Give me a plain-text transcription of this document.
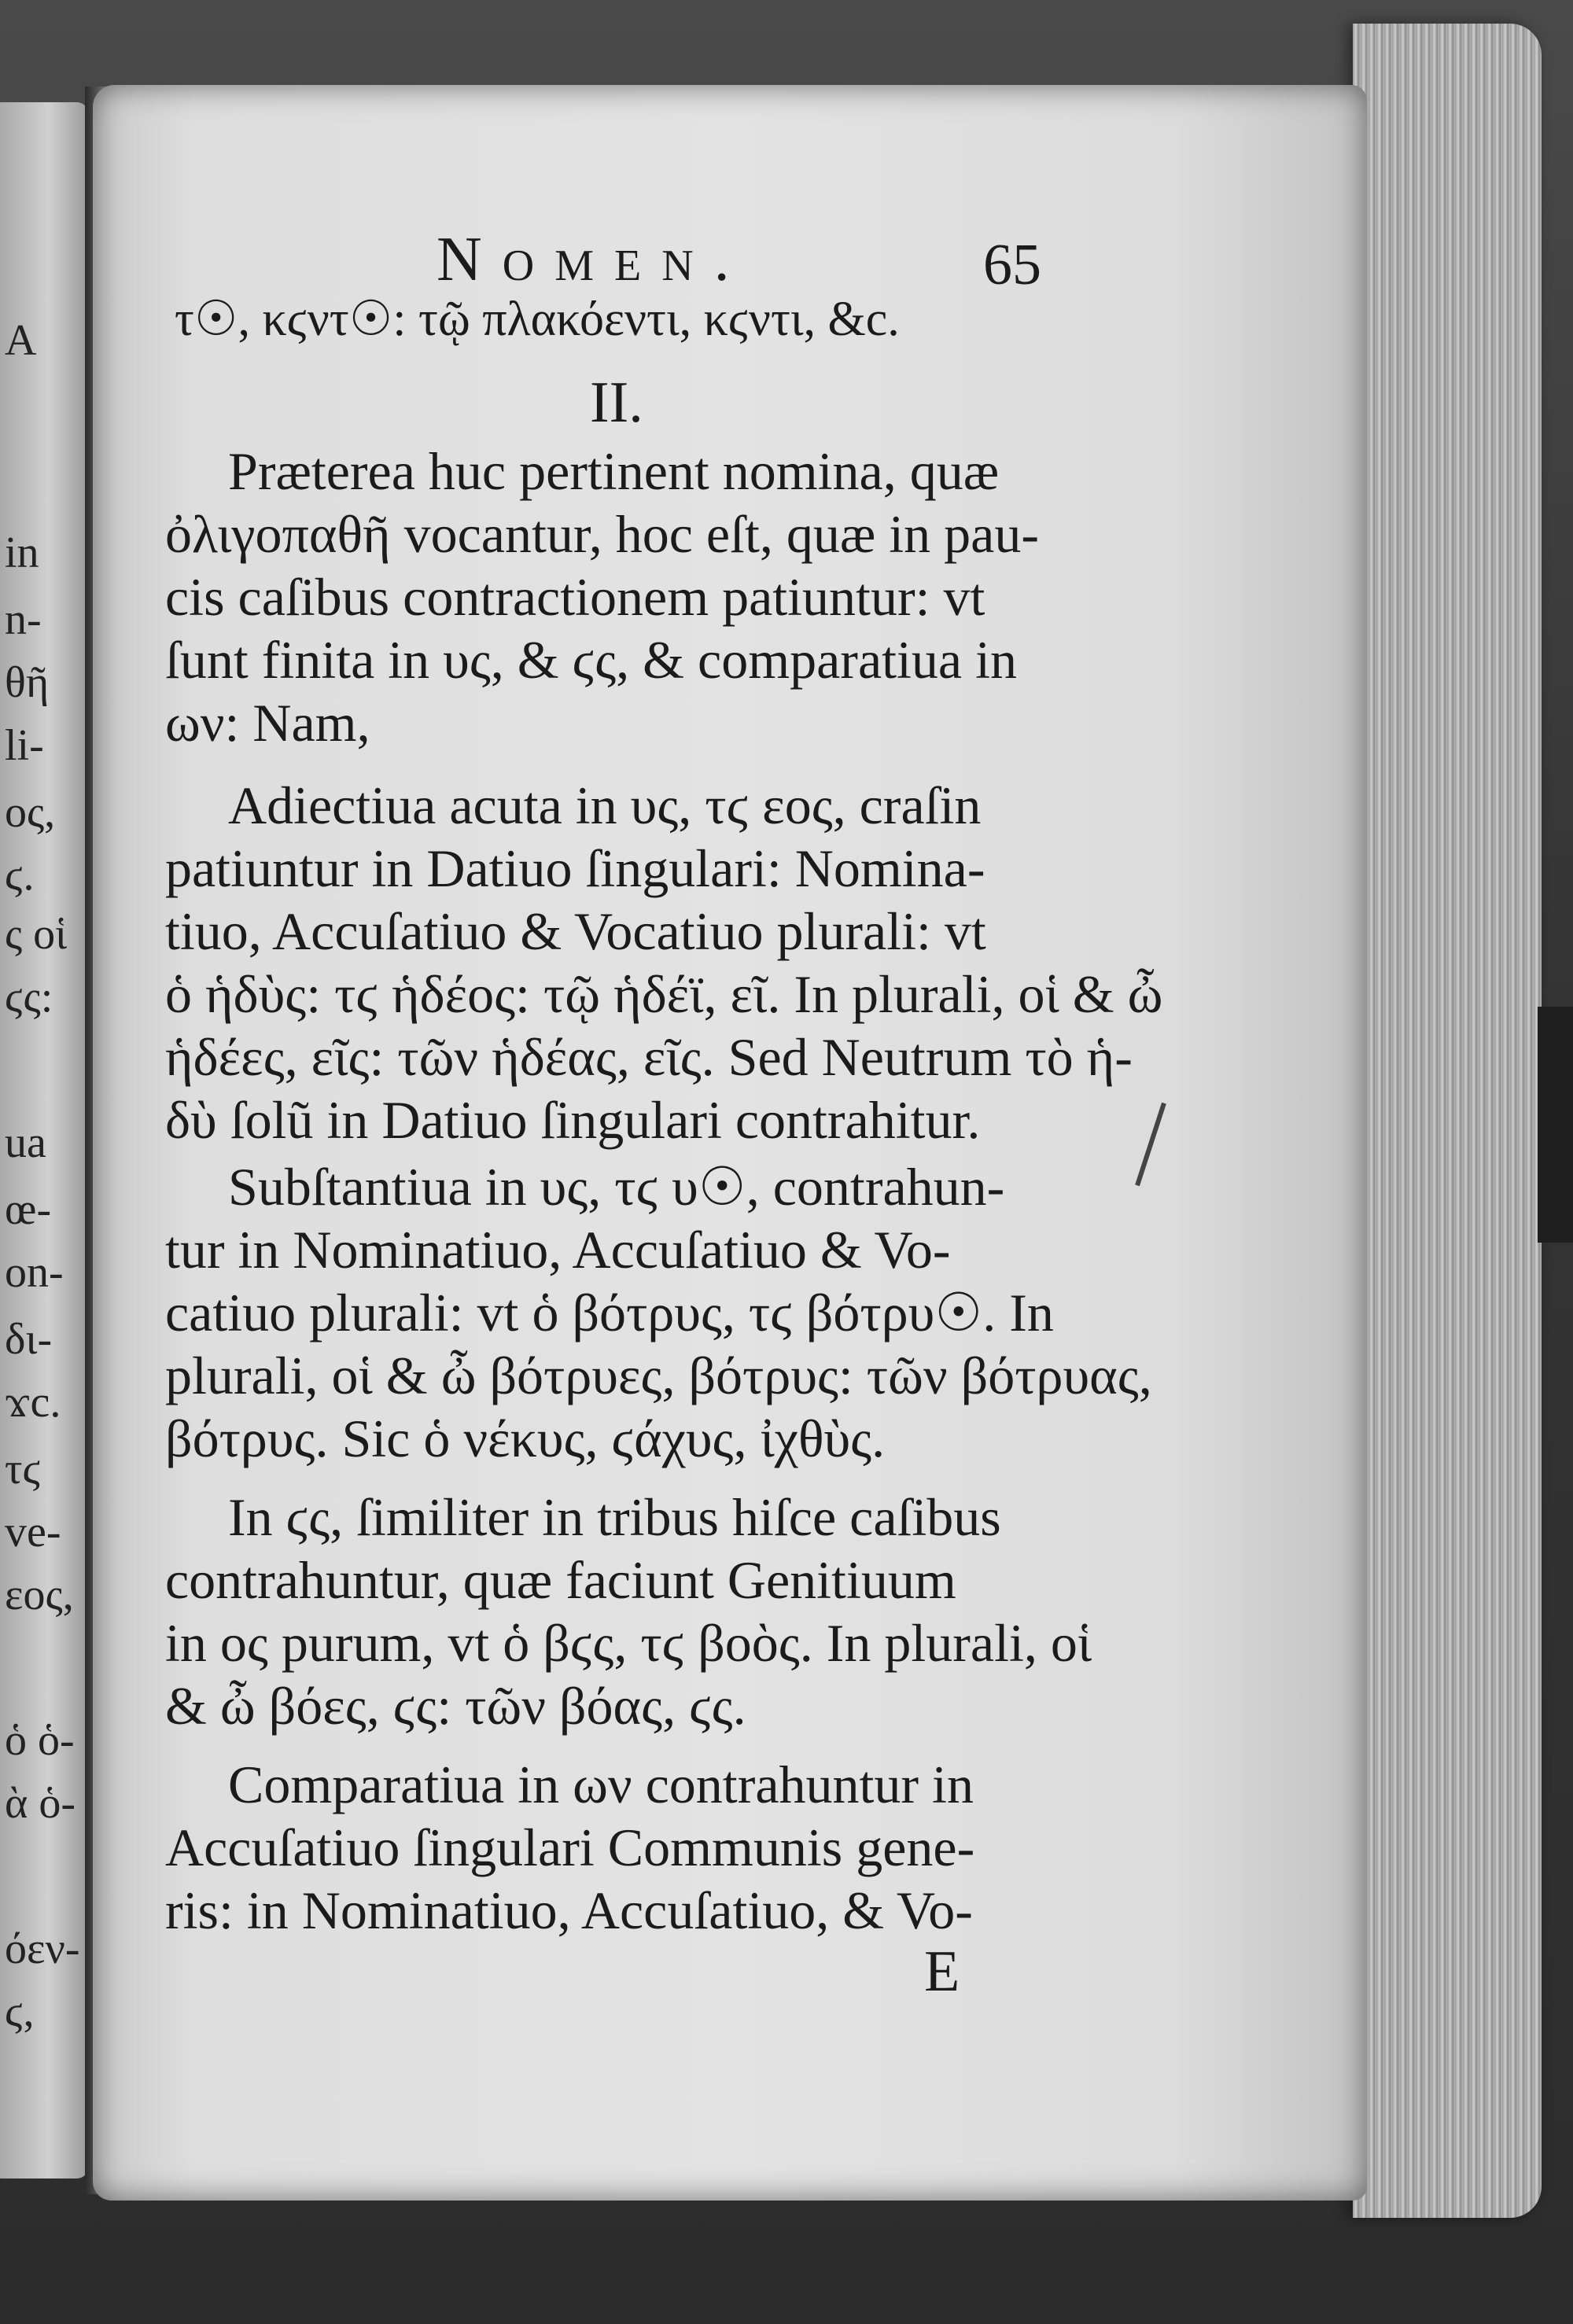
A
in
n-
θῆ
li-
ος,
ϛ.
ς οἱ
ϛς:
ua
œ-
on-
δι-
ϫc.
τϛ
ve-
εος,
ὁ ὁ-
ὰ ὁ-
όεν-
ϛ,
Nomen.	65
τ☉, κϛντ☉: τῷ πλακόεντι, κϛντι, &c.
II.
Præterea huc pertinent nomina, quæ
ὀλιγοπαθῆ vocantur, hoc eſt, quæ in pau-
cis caſibus contractionem patiuntur: vt
ſunt finita in υς, & ϛς, & comparatiua in
ων: Nam,
Adiectiua acuta in υς, τϛ εος, craſin
patiuntur in Datiuo ſingulari: Nomina-
tiuo, Accuſatiuo & Vocatiuo plurali: vt
ὁ ἡδὺς: τϛ ἡδέος: τῷ ἡδέϊ, εῖ. In plurali, οἱ & ὦ
ἡδέες, εῖς: τῶν ἡδέας, εῖς. Sed Neutrum τὸ ἡ-
δὺ ſolũ in Datiuo ſingulari contrahitur.
Subſtantiua in υς, τϛ υ☉, contrahun-
tur in Nominatiuo, Accuſatiuo & Vo-
catiuo plurali: vt ὁ βότρυς, τϛ βότρυ☉. In
plurali, οἱ & ὦ βότρυες, βότρυς: τῶν βότρυας,
βότρυς. Sic ὁ νέκυς, ϛάχυς, ἰχθὺς.
In ϛς, ſimiliter in tribus hiſce caſibus
contrahuntur, quæ faciunt Genitiuum
in ος purum, vt ὁ βϛς, τϛ βοὸς. In plurali, οἱ
& ὦ βόες, ϛς: τῶν βόας, ϛς.
Comparatiua in ων contrahuntur in
Accuſatiuo ſingulari Communis gene-
ris: in Nominatiuo, Accuſatiuo, & Vo-
E
